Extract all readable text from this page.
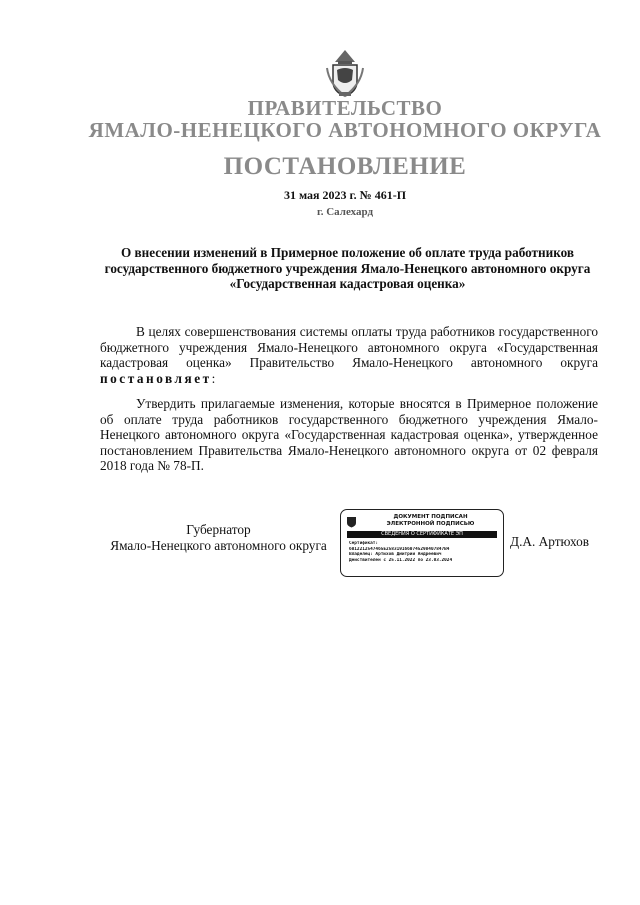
ПРАВИТЕЛЬСТВО
ЯМАЛО-НЕНЕЦКОГО АВТОНОМНОГО ОКРУГА
ПОСТАНОВЛЕНИЕ
31 мая 2023 г. № 461-П
г. Салехард
О внесении изменений в Примерное положение об оплате труда работников государственного бюджетного учреждения Ямало-Ненецкого автономного округа «Государственная кадастровая оценка»
В целях совершенствования системы оплаты труда работников государственного бюджетного учреждения Ямало-Ненецкого автономного округа «Государственная кадастровая оценка» Правительство Ямало-Ненецкого автономного округа постановляет:
Утвердить прилагаемые изменения, которые вносятся в Примерное положение об оплате труда работников государственного бюджетного учреждения Ямало-Ненецкого автономного округа «Государственная кадастровая оценка», утвержденное постановлением Правительства Ямало-Ненецкого автономного округа от 02 февраля 2018 года № 78-П.
Губернатор
Ямало-Ненецкого автономного округа
ДОКУМЕНТ ПОДПИСАН
ЭЛЕКТРОННОЙ ПОДПИСЬЮ
СВЕДЕНИЯ О СЕРТИФИКАТЕ ЭП
Сертификат:
6012212547465E2583191660745298407847B4
Владелец: Артюхов Дмитрий Андреевич
Действителен с 25.11.2022 по 23.03.2024
Д.А. Артюхов
